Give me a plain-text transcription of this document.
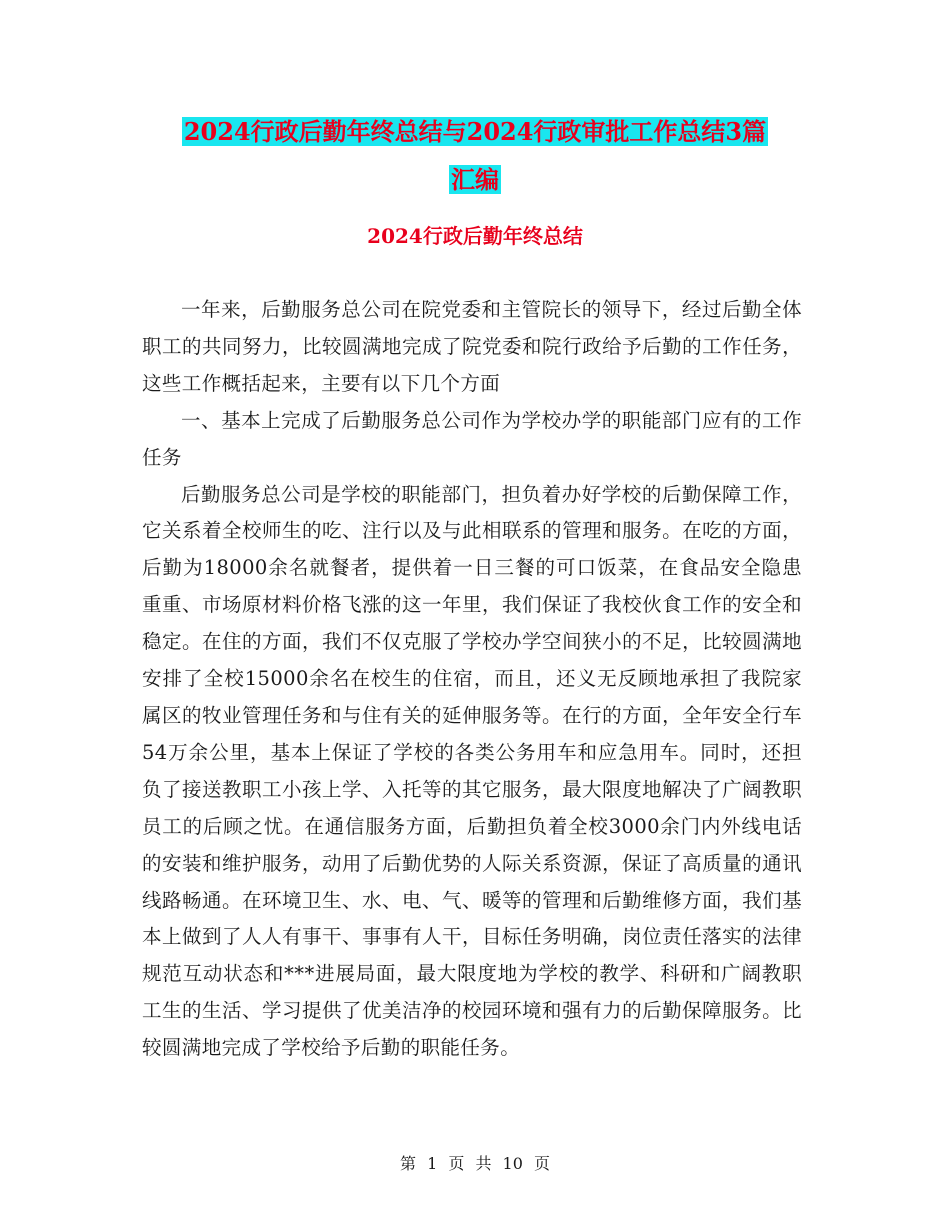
2024行政后勤年终总结与2024行政审批工作总结3篇
汇编
2024行政后勤年终总结

一年来，后勤服务总公司在院党委和主管院长的领导下，经过后勤全体职工的共同努力，比较圆满地完成了院党委和院行政给予后勤的工作任务，这些工作概括起来，主要有以下几个方面

一、基本上完成了后勤服务总公司作为学校办学的职能部门应有的工作任务

后勤服务总公司是学校的职能部门，担负着办好学校的后勤保障工作，它关系着全校师生的吃、注行以及与此相联系的管理和服务。在吃的方面，后勤为18000余名就餐者，提供着一日三餐的可口饭菜，在食品安全隐患重重、市场原材料价格飞涨的这一年里，我们保证了我校伙食工作的安全和稳定。在住的方面，我们不仅克服了学校办学空间狭小的不足，比较圆满地安排了全校15000余名在校生的住宿，而且，还义无反顾地承担了我院家属区的牧业管理任务和与住有关的延伸服务等。在行的方面，全年安全行车54万余公里，基本上保证了学校的各类公务用车和应急用车。同时，还担负了接送教职工小孩上学、入托等的其它服务，最大限度地解决了广阔教职员工的后顾之忧。在通信服务方面，后勤担负着全校3000余门内外线电话的安装和维护服务，动用了后勤优势的人际关系资源，保证了高质量的通讯线路畅通。在环境卫生、水、电、气、暖等的管理和后勤维修方面，我们基本上做到了人人有事干、事事有人干，目标任务明确，岗位责任落实的法律规范互动状态和***进展局面，最大限度地为学校的教学、科研和广阔教职工生的生活、学习提供了优美洁净的校园环境和强有力的后勤保障服务。比较圆满地完成了学校给予后勤的职能任务。

第 1 页 共 10 页
